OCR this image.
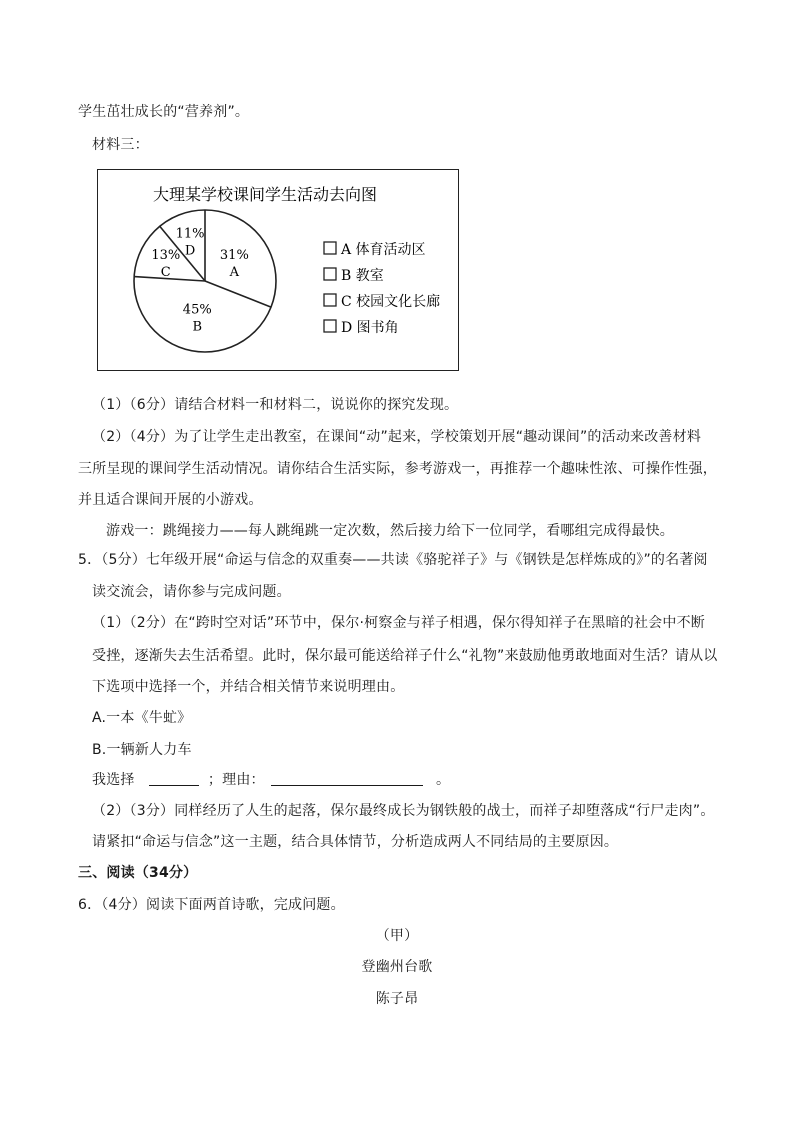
学生茁壮成长的“营养剂”。
材料三：
大理某学校课间学生活动去向图
31%
A
45%
B
13%
C
11%
D	A 体育活动区
B 教室
C 校园文化长廊
D 图书角
（1）（6分）请结合材料一和材料二，说说你的探究发现。
（2）（4分）为了让学生走出教室，在课间“动”起来，学校策划开展“趣动课间”的活动来改善材料
三所呈现的课间学生活动情况。请你结合生活实际，参考游戏一，再推荐一个趣味性浓、可操作性强，
并且适合课间开展的小游戏。
游戏一：跳绳接力——每人跳绳跳一定次数，然后接力给下一位同学，看哪组完成得最快。
5．（5分）七年级开展“命运与信念的双重奏——共读《骆驼祥子》与《钢铁是怎样炼成的》”的名著阅
读交流会，请你参与完成问题。
（1）（2分）在“跨时空对话”环节中，保尔·柯察金与祥子相遇，保尔得知祥子在黑暗的社会中不断
受挫，逐渐失去生活希望。此时，保尔最可能送给祥子什么“礼物”来鼓励他勇敢地面对生活？请从以
下选项中选择一个，并结合相关情节来说明理由。
A.一本《牛虻》
B.一辆新人力车
我选择	；理由：	。
（2）（3分）同样经历了人生的起落，保尔最终成长为钢铁般的战士，而祥子却堕落成“行尸走肉”。
请紧扣“命运与信念”这一主题，结合具体情节，分析造成两人不同结局的主要原因。
三、阅读（34分）
6．（4分）阅读下面两首诗歌，完成问题。
（甲）
登幽州台歌
陈子昂
